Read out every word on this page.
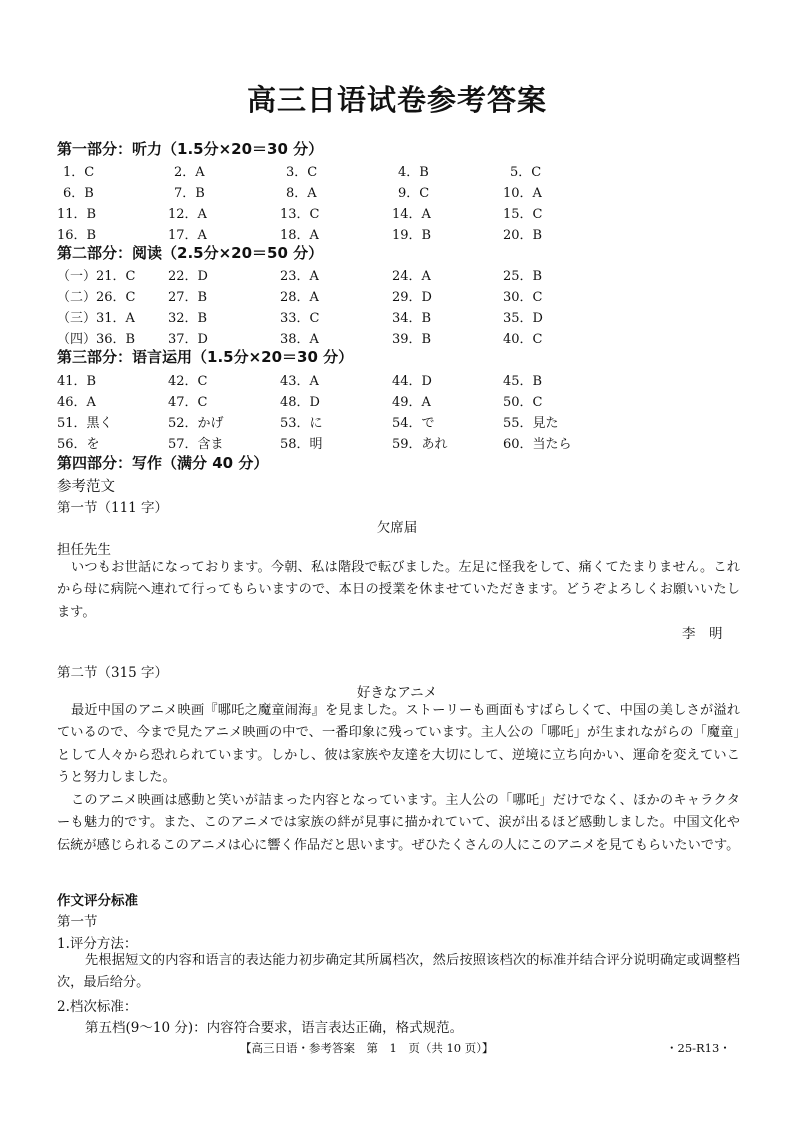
高三日语试卷参考答案
第一部分：听力（1.5分×20＝30 分）
1．C	2．A	3．C	4．B	5．C
6．B	7．B	8．A	9．C	10．A
11．B	12．A	13．C	14．A	15．C
16．B	17．A	18．A	19．B	20．B
第二部分：阅读（2.5分×20＝50 分）
（一）21．C	22．D	23．A	24．A	25．B
（二）26．C	27．B	28．A	29．D	30．C
（三）31．A	32．B	33．C	34．B	35．D
（四）36．B	37．D	38．A	39．B	40．C
第三部分：语言运用（1.5分×20＝30 分）
41．B	42．C	43．A	44．D	45．B
46．A	47．C	48．D	49．A	50．C
51．黒く	52．かげ	53．に	54．で	55．見た
56．を	57．含ま	58．明	59．あれ	60．当たら
第四部分：写作（满分 40 分）
参考范文
第一节（111 字）
欠席届
担任先生
いつもお世話になっております。今朝、私は階段で転びました。左足に怪我をして、痛くてたまりません。これから母に病院へ連れて行ってもらいますので、本日の授業を休ませていただきます。どうぞよろしくお願いいたします。
李　明
第二节（315 字）
好きなアニメ
最近中国のアニメ映画『哪吒之魔童闹海』を見ました。ストーリーも画面もすばらしくて、中国の美しさが溢れているので、今まで見たアニメ映画の中で、一番印象に残っています。主人公の「哪吒」が生まれながらの「魔童」として人々から恐れられています。しかし、彼は家族や友達を大切にして、逆境に立ち向かい、運命を変えていこうと努力しました。
このアニメ映画は感動と笑いが詰まった内容となっています。主人公の「哪吒」だけでなく、ほかのキャラクターも魅力的です。また、このアニメでは家族の絆が見事に描かれていて、涙が出るほど感動しました。中国文化や伝統が感じられるこのアニメは心に響く作品だと思います。ぜひたくさんの人にこのアニメを見てもらいたいです。
作文评分标准
第一节
1.评分方法：
先根据短文的内容和语言的表达能力初步确定其所属档次，然后按照该档次的标准并结合评分说明确定或调整档次，最后给分。
2.档次标准：
第五档(9～10 分)：内容符合要求，语言表达正确，格式规范。
【高三日语・参考答案　第　1　页（共 10 页）】	・25-R13・
